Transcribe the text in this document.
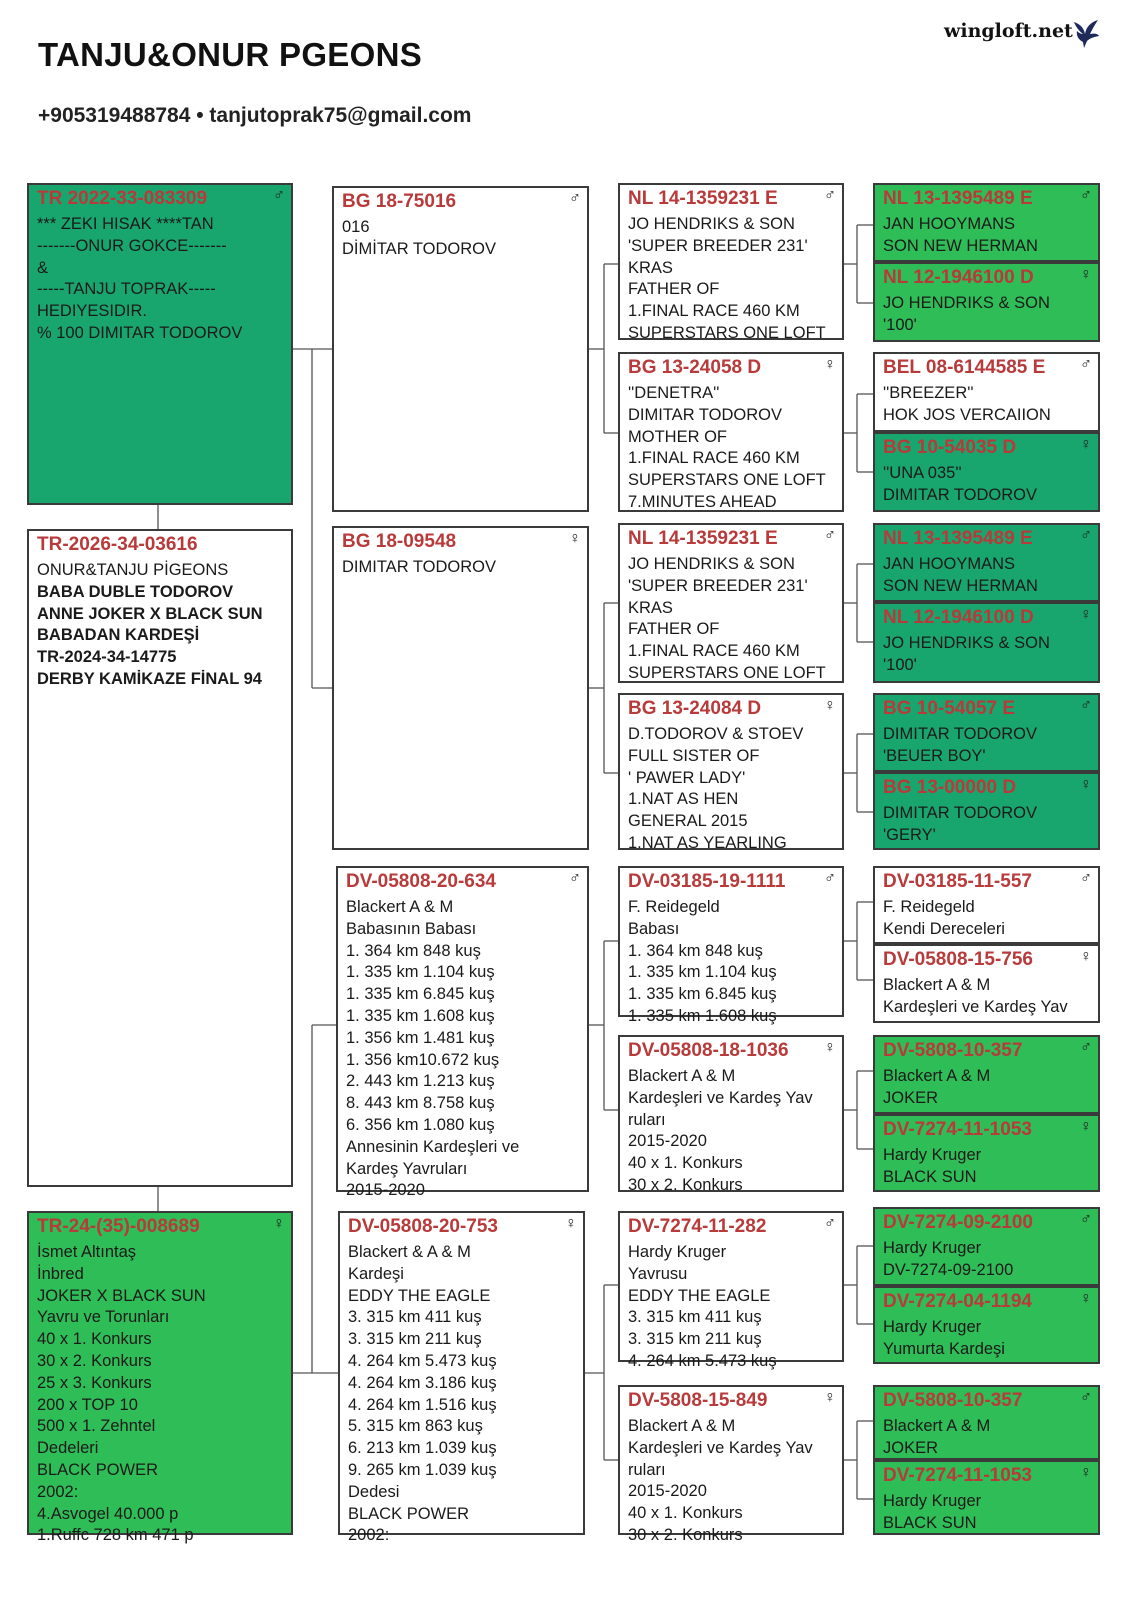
TANJU&ONUR PGEONS
+905319488784 • tanjutoprak75@gmail.com
wingloft.net
TR 2022-33-083309	♂
*** ZEKI HISAK ****TAN
-------ONUR GOKCE-------
&
-----TANJU TOPRAK-----
HEDIYESIDIR.
% 100 DIMITAR TODOROV
TR-2026-34-03616
ONUR&TANJU PİGEONS
BABA DUBLE TODOROV
ANNE JOKER X BLACK SUN
BABADAN KARDEŞİ
TR-2024-34-14775
DERBY KAMİKAZE FİNAL 94
TR-24-(35)-008689	♀
İsmet Altıntaş
İnbred
JOKER X BLACK SUN
Yavru ve Torunları
40 x 1. Konkurs
30 x 2. Konkurs
25 x 3. Konkurs
200 x TOP 10
500 x 1. Zehntel
Dedeleri
BLACK POWER
2002:
4.Asvogel 40.000 p
1.Ruffc 728 km 471 p
BG 18-75016	♂
016
DİMİTAR TODOROV
BG 18-09548	♀
DIMITAR TODOROV
DV-05808-20-634	♂
Blackert A & M
Babasının Babası
1. 364 km 848 kuş
1. 335 km 1.104 kuş
1. 335 km 6.845 kuş
1. 335 km 1.608 kuş
1. 356 km 1.481 kuş
1. 356 km10.672 kuş
2. 443 km 1.213 kuş
8. 443 km 8.758 kuş
6. 356 km 1.080 kuş
Annesinin Kardeşleri ve
Kardeş Yavruları
2015-2020
DV-05808-20-753	♀
Blackert & A & M
Kardeşi
EDDY THE EAGLE
3. 315 km 411 kuş
3. 315 km 211 kuş
4. 264 km 5.473 kuş
4. 264 km 3.186 kuş
4. 264 km 1.516 kuş
5. 315 km 863 kuş
6. 213 km 1.039 kuş
9. 265 km 1.039 kuş
Dedesi
BLACK POWER
2002:
NL 14-1359231 E	♂
JO HENDRIKS & SON
'SUPER BREEDER 231'
KRAS
FATHER OF
1.FINAL RACE 460 KM
SUPERSTARS ONE LOFT
BG 13-24058 D	♀
''DENETRA''
DIMITAR TODOROV
MOTHER OF
1.FINAL RACE 460 KM
SUPERSTARS ONE LOFT
7.MINUTES AHEAD
NL 14-1359231 E	♂
JO HENDRIKS & SON
'SUPER BREEDER 231'
KRAS
FATHER OF
1.FINAL RACE 460 KM
SUPERSTARS ONE LOFT
BG 13-24084 D	♀
D.TODOROV & STOEV
FULL SISTER OF
' PAWER LADY'
1.NAT AS HEN
GENERAL 2015
1.NAT AS YEARLING
DV-03185-19-1111 ♂
F. Reidegeld
Babası
1. 364 km 848 kuş
1. 335 km 1.104 kuş
1. 335 km 6.845 kuş
1. 335 km 1.608 kuş
DV-05808-18-1036 ♀
Blackert A & M
Kardeşleri ve Kardeş Yav
ruları
2015-2020
40 x 1. Konkurs
30 x 2. Konkurs
DV-7274-11-282	♂
Hardy Kruger
Yavrusu
EDDY THE EAGLE
3. 315 km 411 kuş
3. 315 km 211 kuş
4. 264 km 5.473 kuş
DV-5808-15-849	♀
Blackert A & M
Kardeşleri ve Kardeş Yav
ruları
2015-2020
40 x 1. Konkurs
30 x 2. Konkurs
NL 13-1395489 E	♂
JAN HOOYMANS
SON NEW HERMAN
NL 12-1946100 D	♀
JO HENDRIKS & SON
'100'
BEL 08-6144585 E ♂
''BREEZER''
HOK JOS VERCAIION
BG 10-54035 D	♀
''UNA 035''
DIMITAR TODOROV
NL 13-1395489 E	♂
JAN HOOYMANS
SON NEW HERMAN
NL 12-1946100 D	♀
JO HENDRIKS & SON
'100'
BG 10-54057 E	♂
DIMITAR TODOROV
'BEUER BOY'
BG 13-00000 D	♀
DIMITAR TODOROV
'GERY'
DV-03185-11-557	♂
F. Reidegeld
Kendi Dereceleri
DV-05808-15-756	♀
Blackert A & M
Kardeşleri ve Kardeş Yav
DV-5808-10-357	♂
Blackert A & M
JOKER
DV-7274-11-1053	♀
Hardy Kruger
BLACK SUN
DV-7274-09-2100	♂
Hardy Kruger
DV-7274-09-2100
DV-7274-04-1194	♀
Hardy Kruger
Yumurta Kardeşi
DV-5808-10-357	♂
Blackert A & M
JOKER
DV-7274-11-1053	♀
Hardy Kruger
BLACK SUN
